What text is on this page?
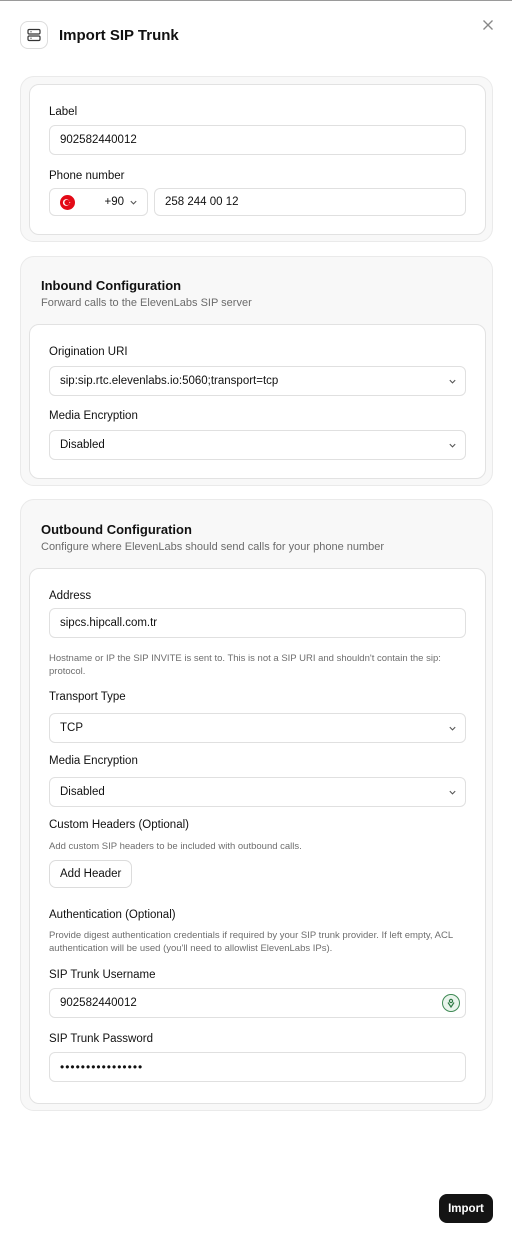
Import SIP Trunk
Label
902582440012
Phone number
+90	258 244 00 12
Inbound Configuration
Forward calls to the ElevenLabs SIP server
Origination URI
sip:sip.rtc.elevenlabs.io:5060;transport=tcp
Media Encryption
Disabled
Outbound Configuration
Configure where ElevenLabs should send calls for your phone number
Address
sipcs.hipcall.com.tr
Hostname or IP the SIP INVITE is sent to. This is not a SIP URI and shouldn't contain the sip: protocol.
Transport Type
TCP
Media Encryption
Disabled
Custom Headers (Optional)
Add custom SIP headers to be included with outbound calls.
Add Header
Authentication (Optional)
Provide digest authentication credentials if required by your SIP trunk provider. If left empty, ACL authentication will be used (you'll need to allowlist ElevenLabs IPs).
SIP Trunk Username
902582440012
SIP Trunk Password
••••••••••••••••
Import
